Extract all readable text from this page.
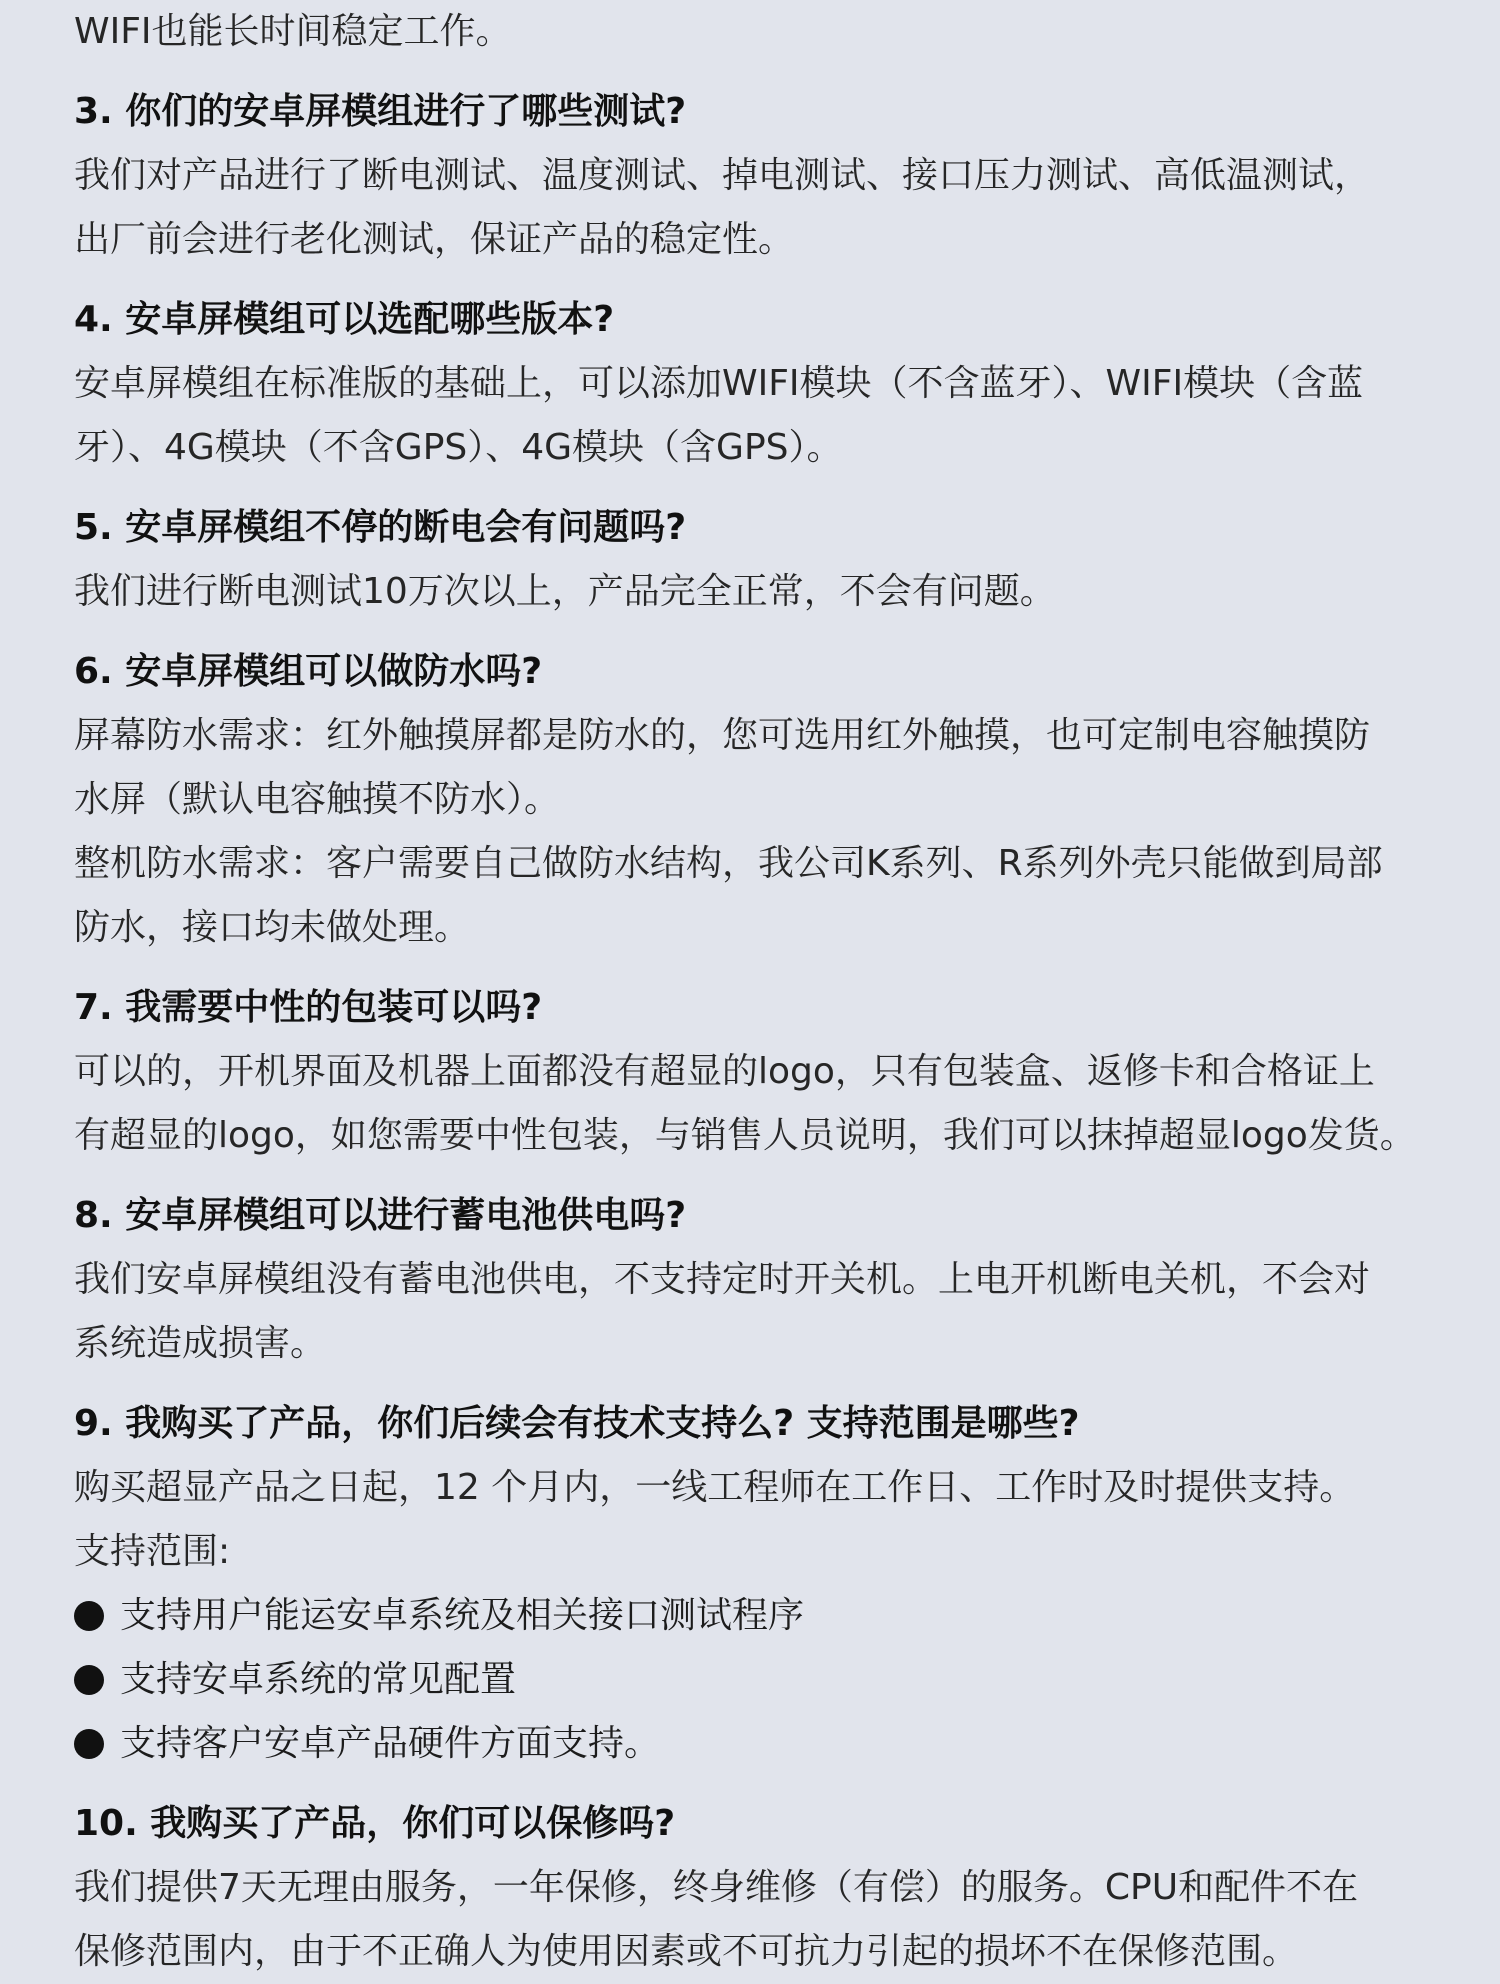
WIFI也能长时间稳定工作。
3. 你们的安卓屏模组进行了哪些测试?
我们对产品进行了断电测试、温度测试、掉电测试、接口压力测试、高低温测试，
出厂前会进行老化测试，保证产品的稳定性。
4. 安卓屏模组可以选配哪些版本?
安卓屏模组在标准版的基础上，可以添加WIFI模块（不含蓝牙）、WIFI模块（含蓝
牙）、4G模块（不含GPS）、4G模块（含GPS）。
5. 安卓屏模组不停的断电会有问题吗?
我们进行断电测试10万次以上，产品完全正常，不会有问题。
6. 安卓屏模组可以做防水吗?
屏幕防水需求：红外触摸屏都是防水的，您可选用红外触摸，也可定制电容触摸防
水屏（默认电容触摸不防水）。
整机防水需求：客户需要自己做防水结构，我公司K系列、R系列外壳只能做到局部
防水，接口均未做处理。
7. 我需要中性的包装可以吗?
可以的，开机界面及机器上面都没有超显的logo，只有包装盒、返修卡和合格证上
有超显的logo，如您需要中性包装，与销售人员说明，我们可以抹掉超显logo发货。
8. 安卓屏模组可以进行蓄电池供电吗?
我们安卓屏模组没有蓄电池供电，不支持定时开关机。上电开机断电关机，不会对
系统造成损害。
9. 我购买了产品，你们后续会有技术支持么? 支持范围是哪些?
购买超显产品之日起，12 个月内，一线工程师在工作日、工作时及时提供支持。
支持范围:
支持用户能运安卓系统及相关接口测试程序
支持安卓系统的常见配置
支持客户安卓产品硬件方面支持。
10. 我购买了产品，你们可以保修吗?
我们提供7天无理由服务，一年保修，终身维修（有偿）的服务。CPU和配件不在
保修范围内，由于不正确人为使用因素或不可抗力引起的损坏不在保修范围。
